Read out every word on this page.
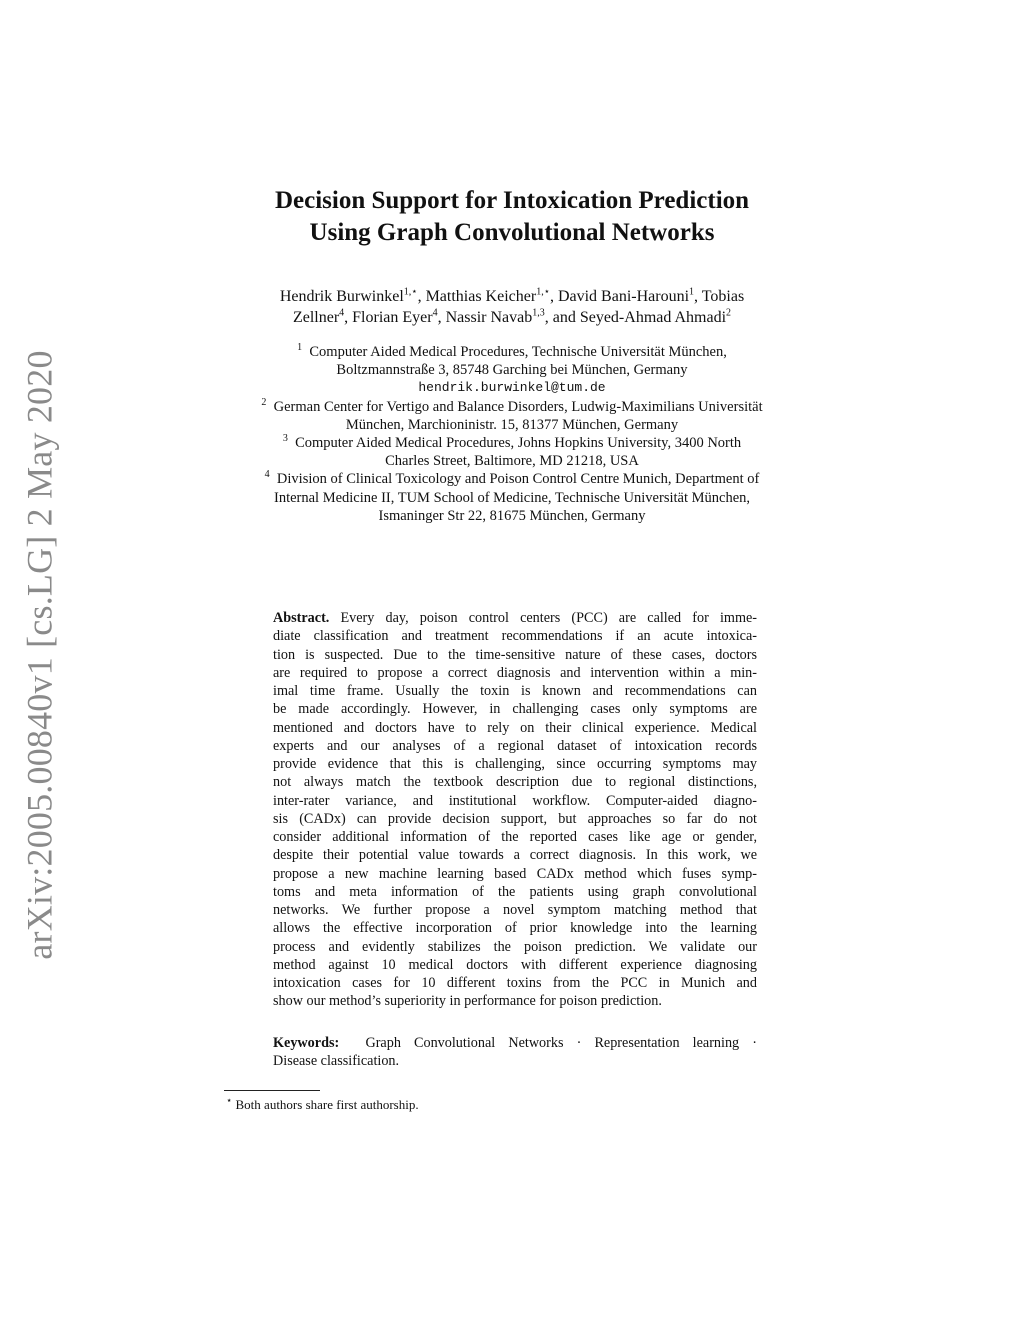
arXiv:2005.00840v1 [cs.LG] 2 May 2020
Decision Support for Intoxication Prediction
Using Graph Convolutional Networks
Hendrik Burwinkel$^{1,⋆}$, Matthias Keicher$^{1,⋆}$, David Bani-Harouni$^1$, Tobias
Zellner$^4$, Florian Eyer$^4$, Nassir Navab$^{1,3}$, and Seyed-Ahmad Ahmadi$^2$
$^1$ Computer Aided Medical Procedures, Technische Universität München,
Boltzmannstraße 3, 85748 Garching bei München, Germany
hendrik.burwinkel@tum.de
$^2$ German Center for Vertigo and Balance Disorders, Ludwig-Maximilians Universität
München, Marchioninistr. 15, 81377 München, Germany
$^3$ Computer Aided Medical Procedures, Johns Hopkins University, 3400 North
Charles Street, Baltimore, MD 21218, USA
$^4$ Division of Clinical Toxicology and Poison Control Centre Munich, Department of
Internal Medicine II, TUM School of Medicine, Technische Universität München,
Ismaninger Str 22, 81675 München, Germany
Abstract. Every day, poison control centers (PCC) are called for imme-
diate classification and treatment recommendations if an acute intoxica-
tion is suspected. Due to the time-sensitive nature of these cases, doctors
are required to propose a correct diagnosis and intervention within a min-
imal time frame. Usually the toxin is known and recommendations can
be made accordingly. However, in challenging cases only symptoms are
mentioned and doctors have to rely on their clinical experience. Medical
experts and our analyses of a regional dataset of intoxication records
provide evidence that this is challenging, since occurring symptoms may
not always match the textbook description due to regional distinctions,
inter-rater variance, and institutional workflow. Computer-aided diagno-
sis (CADx) can provide decision support, but approaches so far do not
consider additional information of the reported cases like age or gender,
despite their potential value towards a correct diagnosis. In this work, we
propose a new machine learning based CADx method which fuses symp-
toms and meta information of the patients using graph convolutional
networks. We further propose a novel symptom matching method that
allows the effective incorporation of prior knowledge into the learning
process and evidently stabilizes the poison prediction. We validate our
method against 10 medical doctors with different experience diagnosing
intoxication cases for 10 different toxins from the PCC in Munich and
show our method’s superiority in performance for poison prediction.
Keywords: Graph Convolutional Networks · Representation learning ·
Disease classification.
⋆ Both authors share first authorship.
